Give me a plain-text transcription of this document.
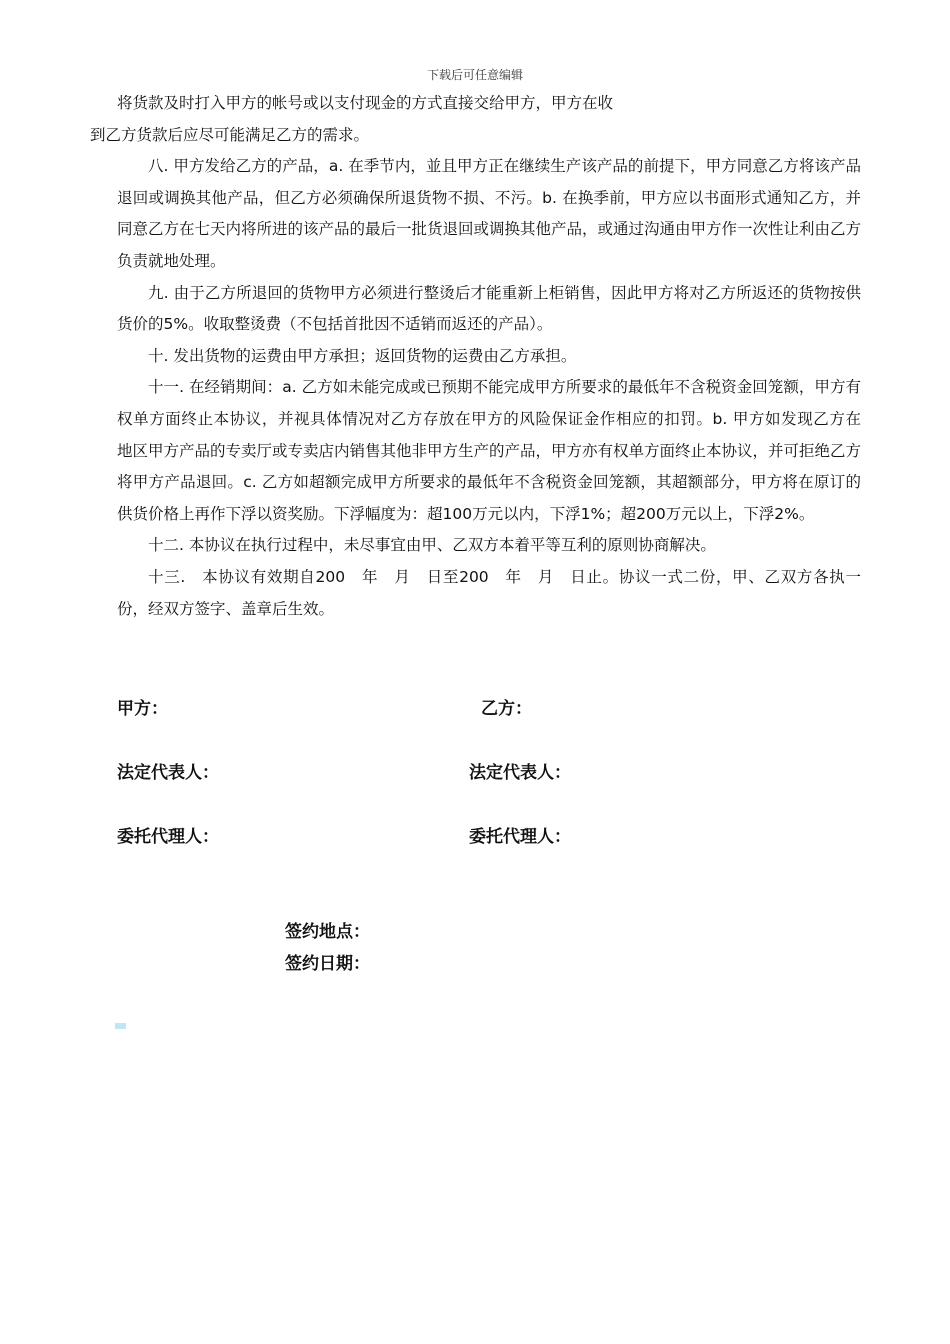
下载后可任意编辑

将货款及时打入甲方的帐号或以支付现金的方式直接交给甲方，甲方在收

到乙方货款后应尽可能满足乙方的需求。

八. 甲方发给乙方的产品，a. 在季节内，並且甲方正在继续生产该产品的前提下，甲方同意乙方将该产品退回或调换其他产品，但乙方必须确保所退货物不损、不污。b. 在换季前，甲方应以书面形式通知乙方，并同意乙方在七天内将所进的该产品的最后一批货退回或调换其他产品，或通过沟通由甲方作一次性让利由乙方负责就地处理。

九. 由于乙方所退回的货物甲方必须进行整烫后才能重新上柜销售，因此甲方将对乙方所返还的货物按供货价的5%。收取整烫费（不包括首批因不适销而返还的产品）。

十. 发出货物的运费由甲方承担；返回货物的运费由乙方承担。

十一. 在经销期间：a. 乙方如未能完成或已预期不能完成甲方所要求的最低年不含税资金回笼额，甲方有权单方面终止本协议，并视具体情况对乙方存放在甲方的风险保证金作相应的扣罚。b. 甲方如发现乙方在　　地区甲方产品的专卖厅或专卖店内销售其他非甲方生产的产品，甲方亦有权单方面终止本协议，并可拒绝乙方将甲方产品退回。c. 乙方如超额完成甲方所要求的最低年不含税资金回笼额，其超额部分，甲方将在原订的供货价格上再作下浮以资奖励。下浮幅度为：超100万元以内，下浮1%；超200万元以上，下浮2%。

十二. 本协议在执行过程中，未尽事宜由甲、乙双方本着平等互利的原则协商解决。

十三.　本协议有效期自200　年　月　日至200　年　月　日止。协议一式二份，甲、乙双方各执一份，经双方签字、盖章后生效。

甲方：	乙方：
法定代表人：	法定代表人：
委托代理人：	委托代理人：
签约地点：
签约日期：
